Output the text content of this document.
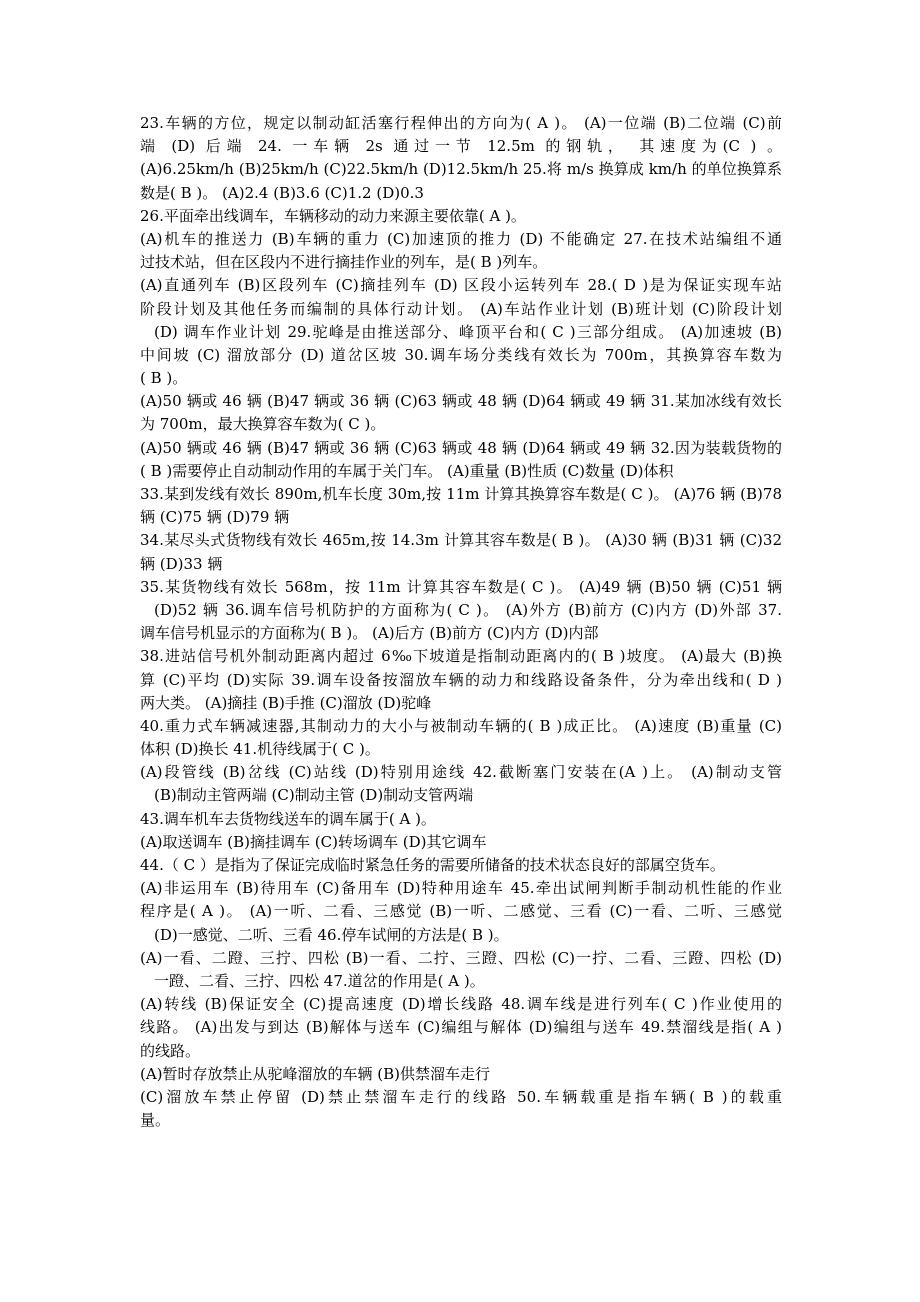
23.车辆的方位，规定以制动缸活塞行程伸出的方向为( A )。 (A)一位端 (B)二位端 (C)前
端 (D) 后端 24. 一车辆 2s 通过一节 12.5m 的钢轨， 其速度为(C ) 。
(A)6.25km/h (B)25km/h (C)22.5km/h (D)12.5km/h 25.将 m/s 换算成 km/h 的单位换算系
数是( B )。 (A)2.4 (B)3.6 (C)1.2 (D)0.3
26.平面牵出线调车，车辆移动的动力来源主要依靠( A )。
(A)机车的推送力 (B)车辆的重力 (C)加速顶的推力 (D) 不能确定 27.在技术站编组不通
过技术站，但在区段内不进行摘挂作业的列车，是( B )列车。
(A)直通列车 (B)区段列车 (C)摘挂列车 (D) 区段小运转列车 28.( D )是为保证实现车站
阶段计划及其他任务而编制的具体行动计划。 (A)车站作业计划 (B)班计划 (C)阶段计划
(D) 调车作业计划 29.驼峰是由推送部分、峰顶平台和( C )三部分组成。 (A)加速坡 (B)
中间坡 (C) 溜放部分 (D) 道岔区坡 30.调车场分类线有效长为 700m，其换算容车数为
( B )。
(A)50 辆或 46 辆 (B)47 辆或 36 辆 (C)63 辆或 48 辆 (D)64 辆或 49 辆 31.某加冰线有效长
为 700m，最大换算容车数为( C )。
(A)50 辆或 46 辆 (B)47 辆或 36 辆 (C)63 辆或 48 辆 (D)64 辆或 49 辆 32.因为装载货物的
( B )需要停止自动制动作用的车属于关门车。 (A)重量 (B)性质 (C)数量 (D)体积
33.某到发线有效长 890m,机车长度 30m,按 11m 计算其换算容车数是( C )。 (A)76 辆 (B)78
辆 (C)75 辆 (D)79 辆
34.某尽头式货物线有效长 465m,按 14.3m 计算其容车数是( B )。 (A)30 辆 (B)31 辆 (C)32
辆 (D)33 辆
35.某货物线有效长 568m，按 11m 计算其容车数是( C )。 (A)49 辆 (B)50 辆 (C)51 辆
(D)52 辆 36.调车信号机防护的方面称为( C )。 (A)外方 (B)前方 (C)内方 (D)外部 37.
调车信号机显示的方面称为( B )。 (A)后方 (B)前方 (C)内方 (D)内部
38.进站信号机外制动距离内超过 6‰下坡道是指制动距离内的( B )坡度。 (A)最大 (B)换
算 (C)平均 (D)实际 39.调车设备按溜放车辆的动力和线路设备条件，分为牵出线和( D )
两大类。 (A)摘挂 (B)手推 (C)溜放 (D)驼峰
40.重力式车辆减速器,其制动力的大小与被制动车辆的( B )成正比。 (A)速度 (B)重量 (C)
体积 (D)换长 41.机待线属于( C )。
(A)段管线 (B)岔线 (C)站线 (D)特别用途线 42.截断塞门安装在(A )上。 (A)制动支管
(B)制动主管两端 (C)制动主管 (D)制动支管两端
43.调车机车去货物线送车的调车属于( A )。
(A)取送调车 (B)摘挂调车 (C)转场调车 (D)其它调车
44.（ C ）是指为了保证完成临时紧急任务的需要所储备的技术状态良好的部属空货车。
(A)非运用车 (B)待用车 (C)备用车 (D)特种用途车 45.牵出试闸判断手制动机性能的作业
程序是( A )。 (A)一听、二看、三感觉 (B)一听、二感觉、三看 (C)一看、二听、三感觉
(D)一感觉、二听、三看 46.停车试闸的方法是( B )。
(A)一看、二蹬、三拧、四松 (B)一看、二拧、三蹬、四松 (C)一拧、二看、三蹬、四松 (D)
一蹬、二看、三拧、四松 47.道岔的作用是( A )。
(A)转线 (B)保证安全 (C)提高速度 (D)增长线路 48.调车线是进行列车( C )作业使用的
线路。 (A)出发与到达 (B)解体与送车 (C)编组与解体 (D)编组与送车 49.禁溜线是指( A )
的线路。
(A)暂时存放禁止从驼峰溜放的车辆 (B)供禁溜车走行
(C)溜放车禁止停留 (D)禁止禁溜车走行的线路 50.车辆载重是指车辆( B )的载重
量。
